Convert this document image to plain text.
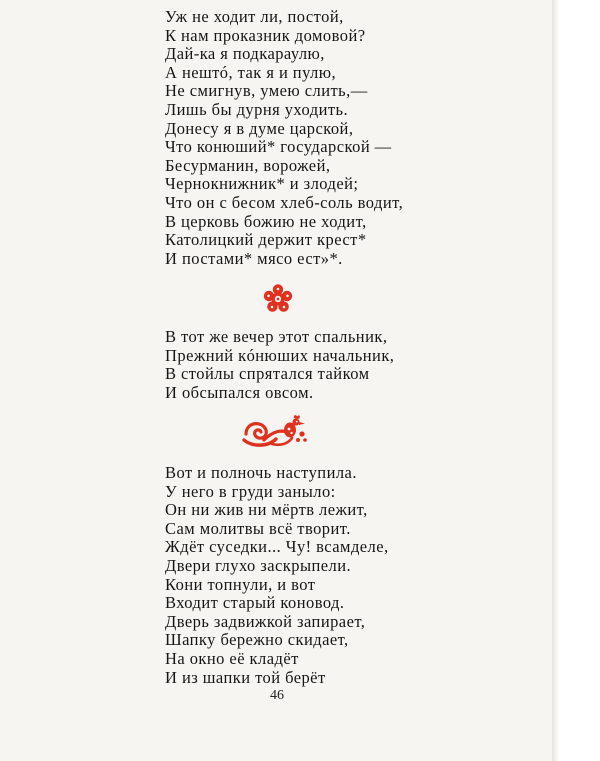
Уж не ходит ли, постой,
К нам проказник домовой?
Дай-ка я подкараулю,
А нештó, так я и пулю,
Не смигнув, умею слить,—
Лишь бы дурня уходить.
Донесу я в думе царской,
Что конюший* государской —
Бесурманин, ворожей,
Чернокнижник* и злодей;
Что он с бесом хлеб-соль водит,
В церковь божию не ходит,
Католицкий держит крест*
И постами* мясо ест»*.
В тот же вечер этот спальник,
Прежний кóнюших начальник,
В стойлы спрятался тайком
И обсыпался овсом.
Вот и полночь наступила.
У него в груди заныло:
Он ни жив ни мёртв лежит,
Сам молитвы всё творит.
Ждёт суседки... Чу! всамделе,
Двери глухо заскрыпели.
Кони топнули, и вот
Входит старый коновод.
Дверь задвижкой запирает,
Шапку бережно скидает,
На окно её кладёт
И из шапки той берёт
46
